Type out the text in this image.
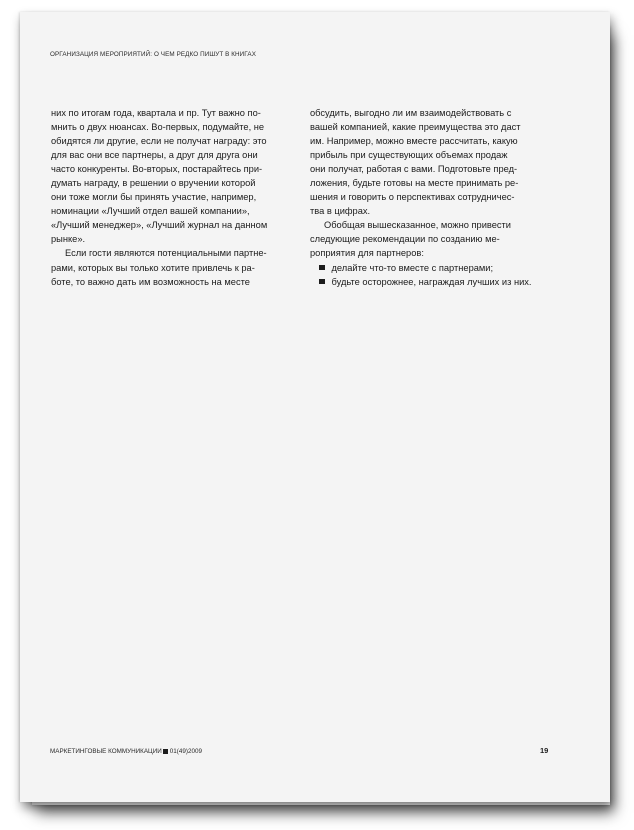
ОРГАНИЗАЦИЯ МЕРОПРИЯТИЙ: О ЧЕМ РЕДКО ПИШУТ В КНИГАХ
них по итогам года, квартала и пр. Тут важно по-
мнить о двух нюансах. Во-первых, подумайте, не
обидятся ли другие, если не получат награду: это
для вас они все партнеры, а друг для друга они
часто конкуренты. Во-вторых, постарайтесь при-
думать награду, в решении о вручении которой
они тоже могли бы принять участие, например,
номинации «Лучший отдел вашей компании»,
«Лучший менеджер», «Лучший журнал на данном
рынке».
Если гости являются потенциальными партне-
рами, которых вы только хотите привлечь к ра-
боте, то важно дать им возможность на месте
обсудить, выгодно ли им взаимодействовать с
вашей компанией, какие преимущества это даст
им. Например, можно вместе рассчитать, какую
прибыль при существующих объемах продаж
они получат, работая с вами. Подготовьте пред-
ложения, будьте готовы на месте принимать ре-
шения и говорить о перспективах сотрудничес-
тва в цифрах.
Обобщая вышесказанное, можно привести
следующие рекомендации по созданию ме-
роприятия для партнеров:
делайте что-то вместе с партнерами;
будьте осторожнее, награждая лучших из них.
МАРКЕТИНГОВЫЕ КОММУНИКАЦИИ 01(49)2009	19
